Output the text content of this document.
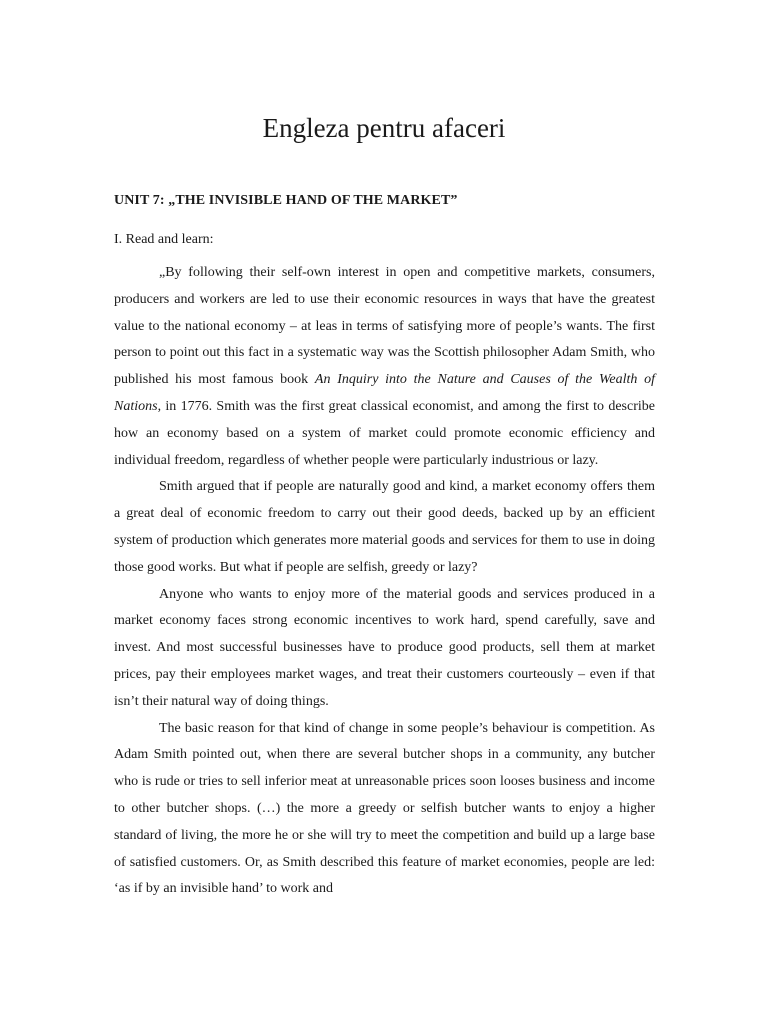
Engleza pentru afaceri
UNIT 7: „THE INVISIBLE HAND OF THE MARKET”

I. Read and learn:

„By following their self-own interest in open and competitive markets, consumers, producers and workers are led to use their economic resources in ways that have the greatest value to the national economy – at leas in terms of satisfying more of people’s wants. The first person to point out this fact in a systematic way was the Scottish philosopher Adam Smith, who published his most famous book An Inquiry into the Nature and Causes of the Wealth of Nations, in 1776. Smith was the first great classical economist, and among the first to describe how an economy based on a system of market could promote economic efficiency and individual freedom, regardless of whether people were particularly industrious or lazy.

Smith argued that if people are naturally good and kind, a market economy offers them a great deal of economic freedom to carry out their good deeds, backed up by an efficient system of production which generates more material goods and services for them to use in doing those good works. But what if people are selfish, greedy or lazy?

Anyone who wants to enjoy more of the material goods and services produced in a market economy faces strong economic incentives to work hard, spend carefully, save and invest. And most successful businesses have to produce good products, sell them at market prices, pay their employees market wages, and treat their customers courteously – even if that isn’t their natural way of doing things.

The basic reason for that kind of change in some people’s behaviour is competition. As Adam Smith pointed out, when there are several butcher shops in a community, any butcher who is rude or tries to sell inferior meat at unreasonable prices soon looses business and income to other butcher shops. (…) the more a greedy or selfish butcher wants to enjoy a higher standard of living, the more he or she will try to meet the competition and build up a large base of satisfied customers. Or, as Smith described this feature of market economies, people are led: ‘as if by an invisible hand’ to work and
